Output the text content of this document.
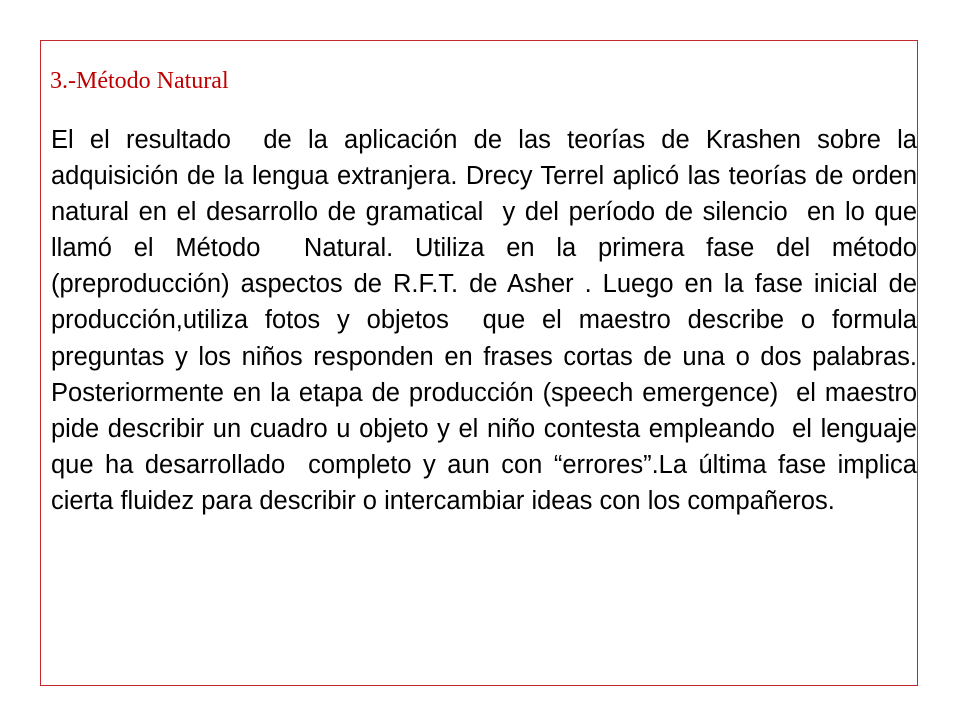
3.-Método Natural

El el resultado  de la aplicación de las teorías de Krashen sobre la adquisición de la lengua extranjera. Drecy Terrel aplicó las teorías de orden natural en el desarrollo de gramatical  y del período de silencio  en lo que llamó el Método  Natural. Utiliza en la primera fase del método (preproducción) aspectos de R.F.T. de Asher . Luego en la fase inicial de producción,utiliza fotos y objetos  que el maestro describe o formula preguntas y los niños responden en frases cortas de una o dos palabras. Posteriormente en la etapa de producción (speech emergence)  el maestro pide describir un cuadro u objeto y el niño contesta empleando  el lenguaje que ha desarrollado  completo y aun con “errores”.La última fase implica  cierta fluidez para describir o intercambiar ideas con los compañeros.
